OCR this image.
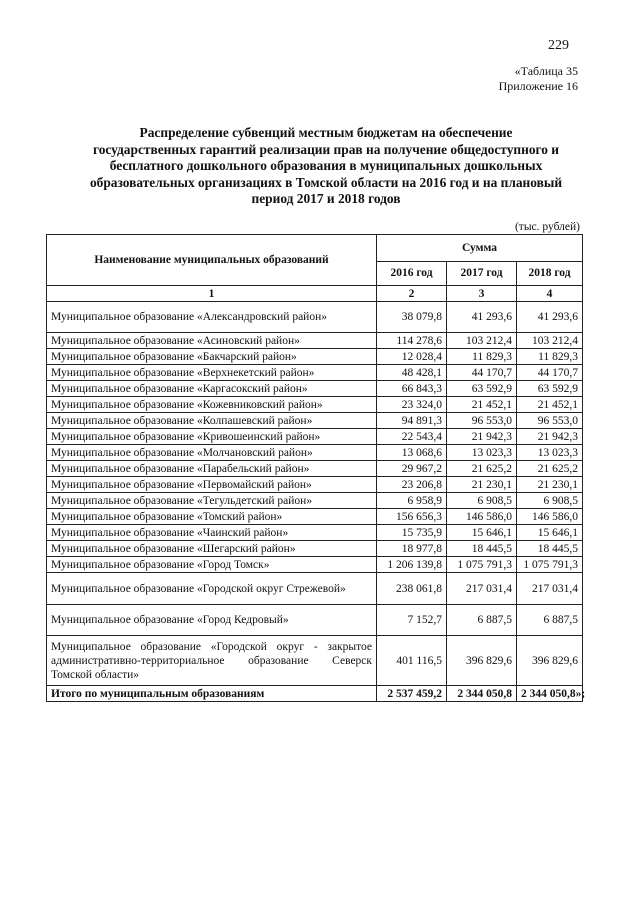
229
«Таблица 35
Приложение 16
Распределение субвенций местным бюджетам на обеспечение
государственных гарантий реализации прав на получение общедоступного и
бесплатного дошкольного образования в муниципальных дошкольных
образовательных организациях в Томской области на 2016 год и на плановый
период 2017 и 2018 годов
(тыс. рублей)
Наименование муниципальных образований	Сумма		
	2016 год	2017 год	2018 год
1	2	3	4
Муниципальное образование «Александровский район»	38 079,8	41 293,6	41 293,6
Муниципальное образование «Асиновский район»	114 278,6	103 212,4	103 212,4
Муниципальное образование «Бакчарский район»	12 028,4	11 829,3	11 829,3
Муниципальное образование «Верхнекетский район»	48 428,1	44 170,7	44 170,7
Муниципальное образование «Каргасокский район»	66 843,3	63 592,9	63 592,9
Муниципальное образование «Кожевниковский район»	23 324,0	21 452,1	21 452,1
Муниципальное образование «Колпашевский район»	94 891,3	96 553,0	96 553,0
Муниципальное образование «Кривошеинский район»	22 543,4	21 942,3	21 942,3
Муниципальное образование «Молчановский район»	13 068,6	13 023,3	13 023,3
Муниципальное образование «Парабельский район»	29 967,2	21 625,2	21 625,2
Муниципальное образование «Первомайский район»	23 206,8	21 230,1	21 230,1
Муниципальное образование «Тегульдетский район»	6 958,9	6 908,5	6 908,5
Муниципальное образование «Томский район»	156 656,3	146 586,0	146 586,0
Муниципальное образование «Чаинский район»	15 735,9	15 646,1	15 646,1
Муниципальное образование «Шегарский район»	18 977,8	18 445,5	18 445,5
Муниципальное образование «Город Томск»	1 206 139,8	1 075 791,3	1 075 791,3
Муниципальное образование «Городской округ Стрежевой»	238 061,8	217 031,4	217 031,4
Муниципальное образование «Город Кедровый»	7 152,7	6 887,5	6 887,5
Муниципальное образование «Городской округ - закрытое административно-территориальное образование Северск Томской области»	401 116,5	396 829,6	396 829,6
Итого по муниципальным образованиям	2 537 459,2	2 344 050,8	2 344 050,8»;
